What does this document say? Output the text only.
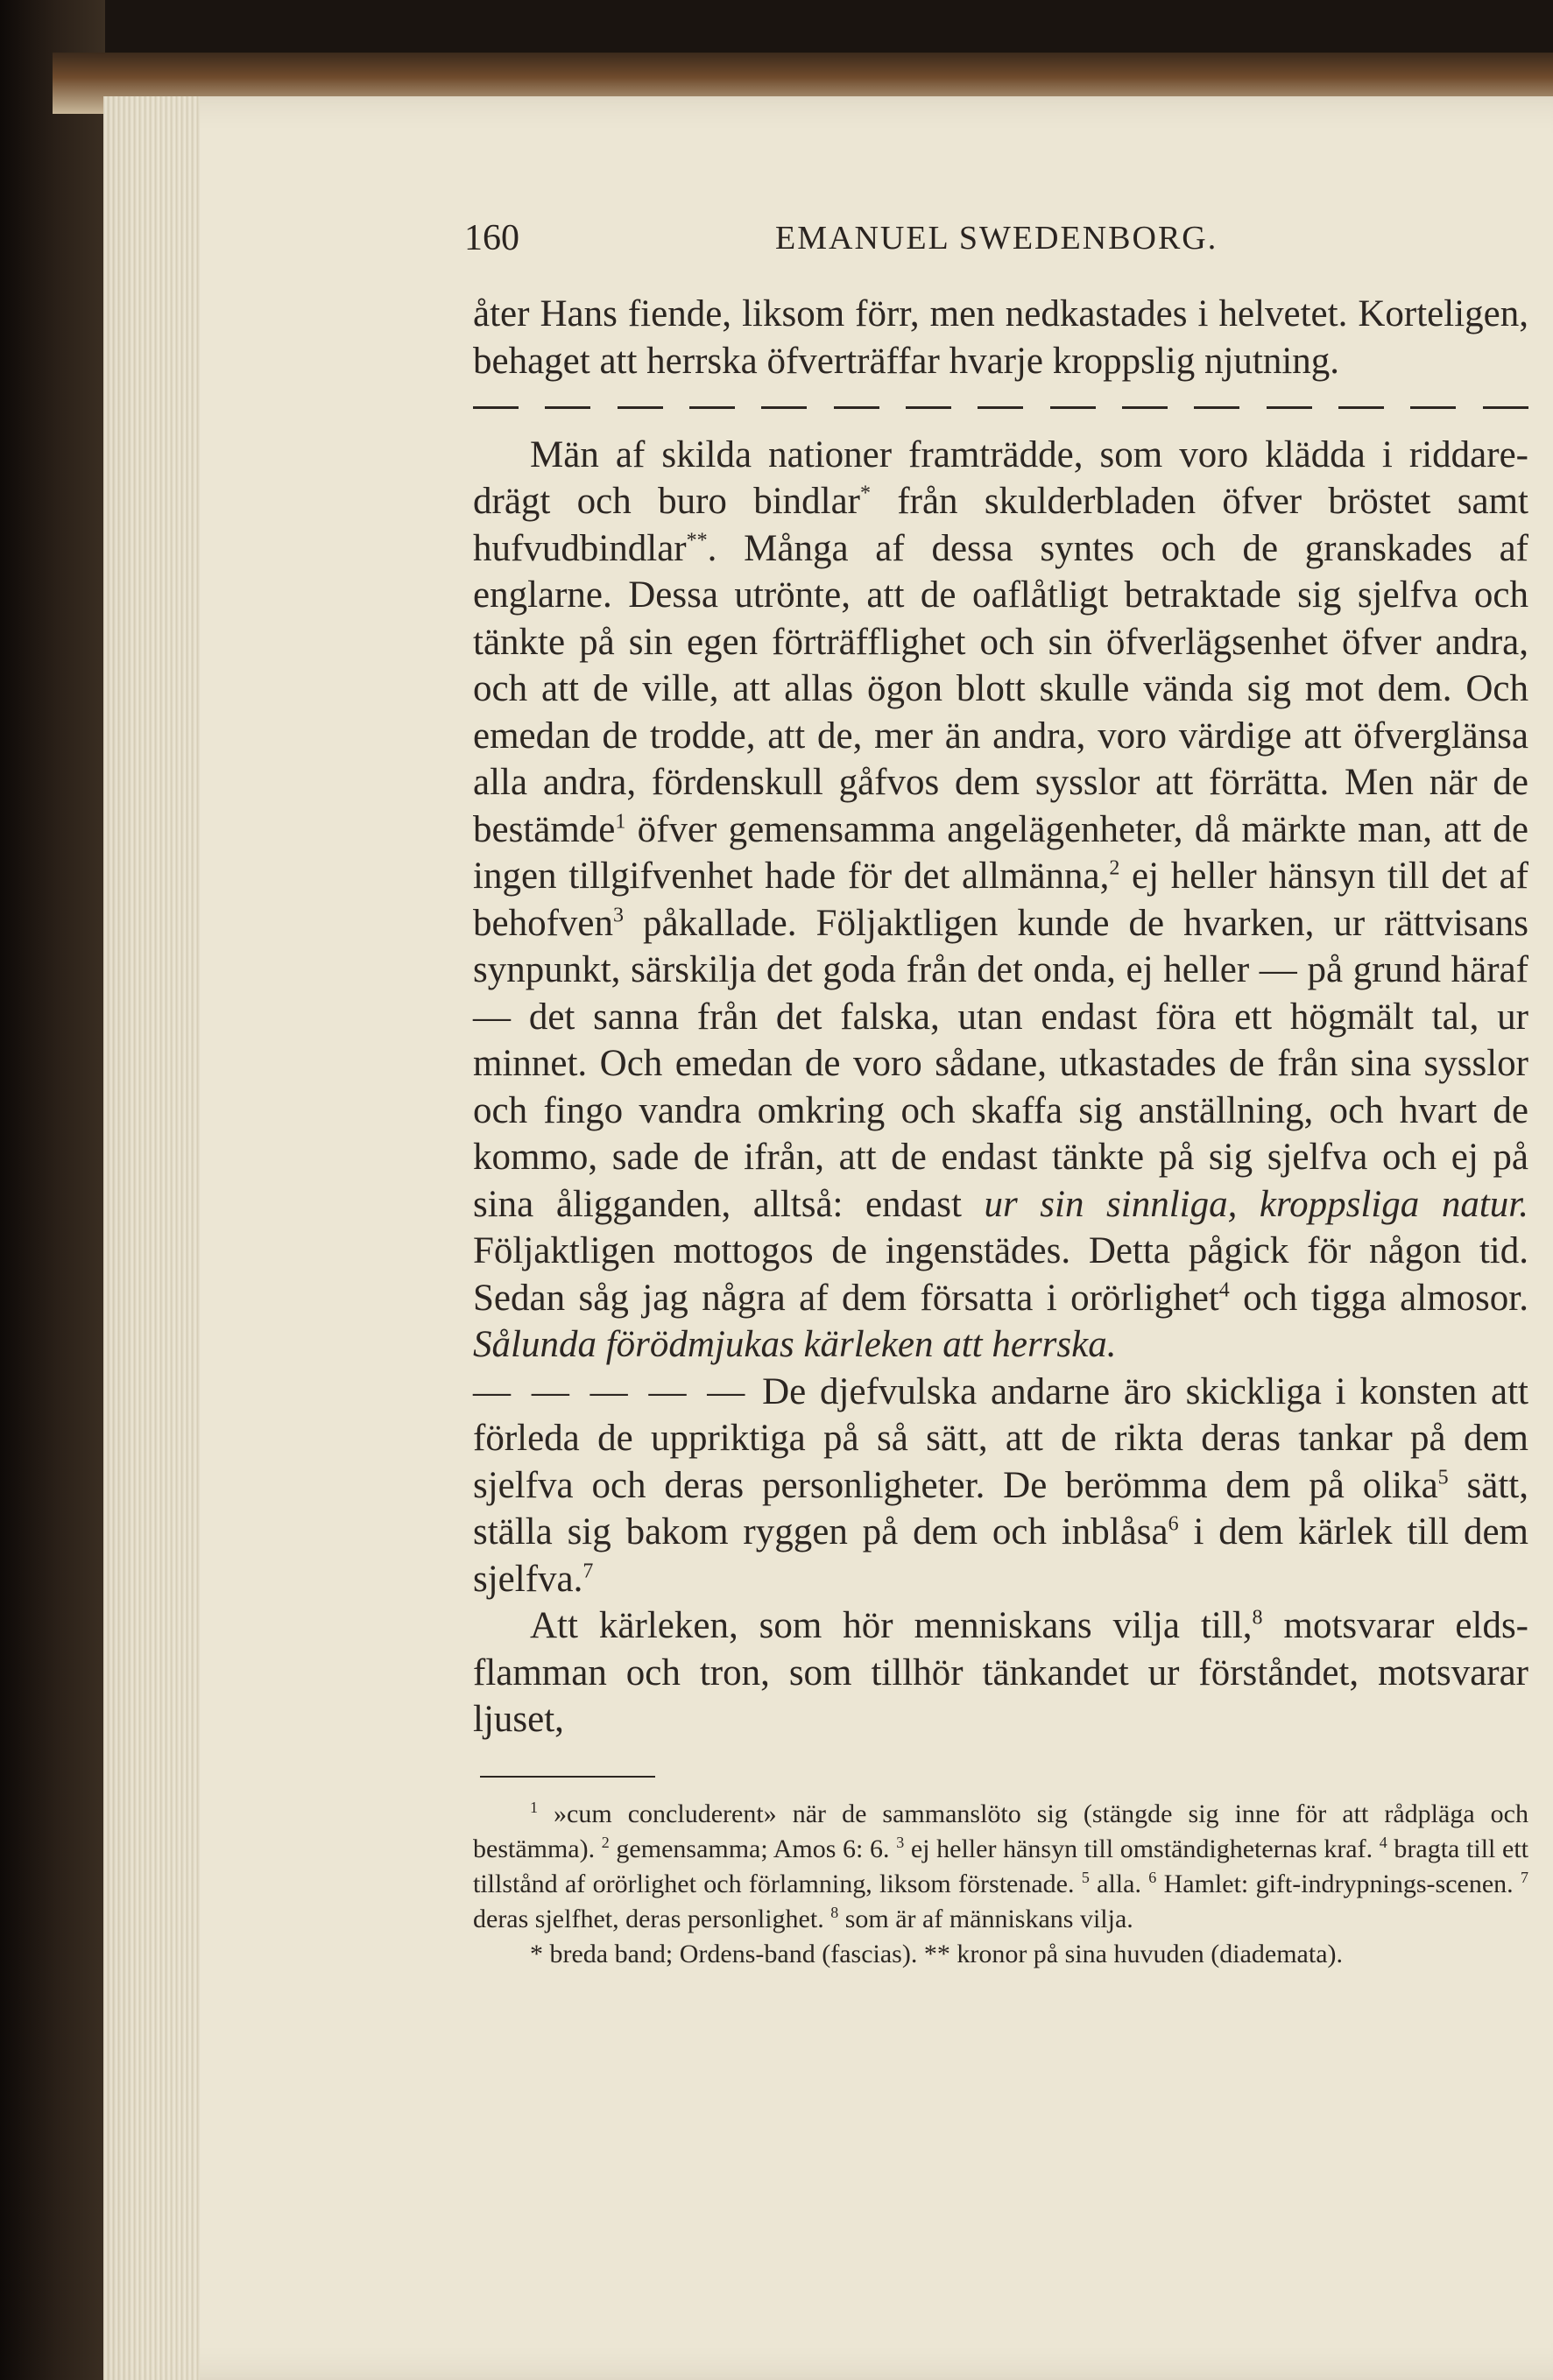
160	EMANUEL SWEDENBORG.

åter Hans fiende, liksom förr, men nedkastades i helvetet. Korteligen, behaget att herrska öfverträffar hvarje kroppslig njutning.

Män af skilda nationer framträdde, som voro klädda i riddare-drägt och buro bindlar* från skulderbladen öfver bröstet samt hufvudbindlar**. Många af dessa syntes och de granskades af englarne. Dessa utrönte, att de oaflåtligt betraktade sig sjelfva och tänkte på sin egen förträfflighet och sin öfverlägsenhet öfver andra, och att de ville, att allas ögon blott skulle vända sig mot dem. Och emedan de trodde, att de, mer än andra, voro värdige att öfverglänsa alla andra, fördenskull gåfvos dem sysslor att förrätta. Men när de bestämde$^1$ öfver gemensamma angelägenheter, då märkte man, att de ingen tillgifvenhet hade för det allmänna,$^2$ ej heller hänsyn till det af behofven$^3$ påkallade. Följaktligen kunde de hvarken, ur rättvisans synpunkt, särskilja det goda från det onda, ej heller — på grund häraf — det sanna från det falska, utan endast föra ett högmält tal, ur minnet. Och emedan de voro sådane, utkastades de från sina sysslor och fingo vandra omkring och skaffa sig anställning, och hvart de kommo, sade de ifrån, att de endast tänkte på sig sjelfva och ej på sina åligganden, alltså: endast ur sin sinnliga, kroppsliga natur. Följaktligen mottogos de ingenstädes. Detta pågick för någon tid. Sedan såg jag några af dem försatta i orörlighet$^4$ och tigga almosor. Sålunda förödmjukas kärleken att herrska.
— — — — — De djefvulska andarne äro skickliga i konsten att förleda de uppriktiga på så sätt, att de rikta deras tankar på dem sjelfva och deras personligheter. De berömma dem på olika$^5$ sätt, ställa sig bakom ryggen på dem och inblåsa$^6$ i dem kärlek till dem sjelfva.$^7$

Att kärleken, som hör menniskans vilja till,$^8$ motsvarar elds-flamman och tron, som tillhör tänkandet ur förståndet, motsvarar ljuset,

$^1$ »cum concluderent» när de sammanslöto sig (stängde sig inne för att rådpläga och bestämma). $^2$ gemensamma; Amos 6: 6. $^3$ ej heller hänsyn till omständigheternas kraf. $^4$ bragta till ett tillstånd af orörlighet och förlamning, liksom förstenade. $^5$ alla. $^6$ Hamlet: gift-indrypnings-scenen. $^7$ deras sjelfhet, deras personlighet. $^8$ som är af människans vilja.

* breda band; Ordens-band (fascias). ** kronor på sina huvuden (diademata).
